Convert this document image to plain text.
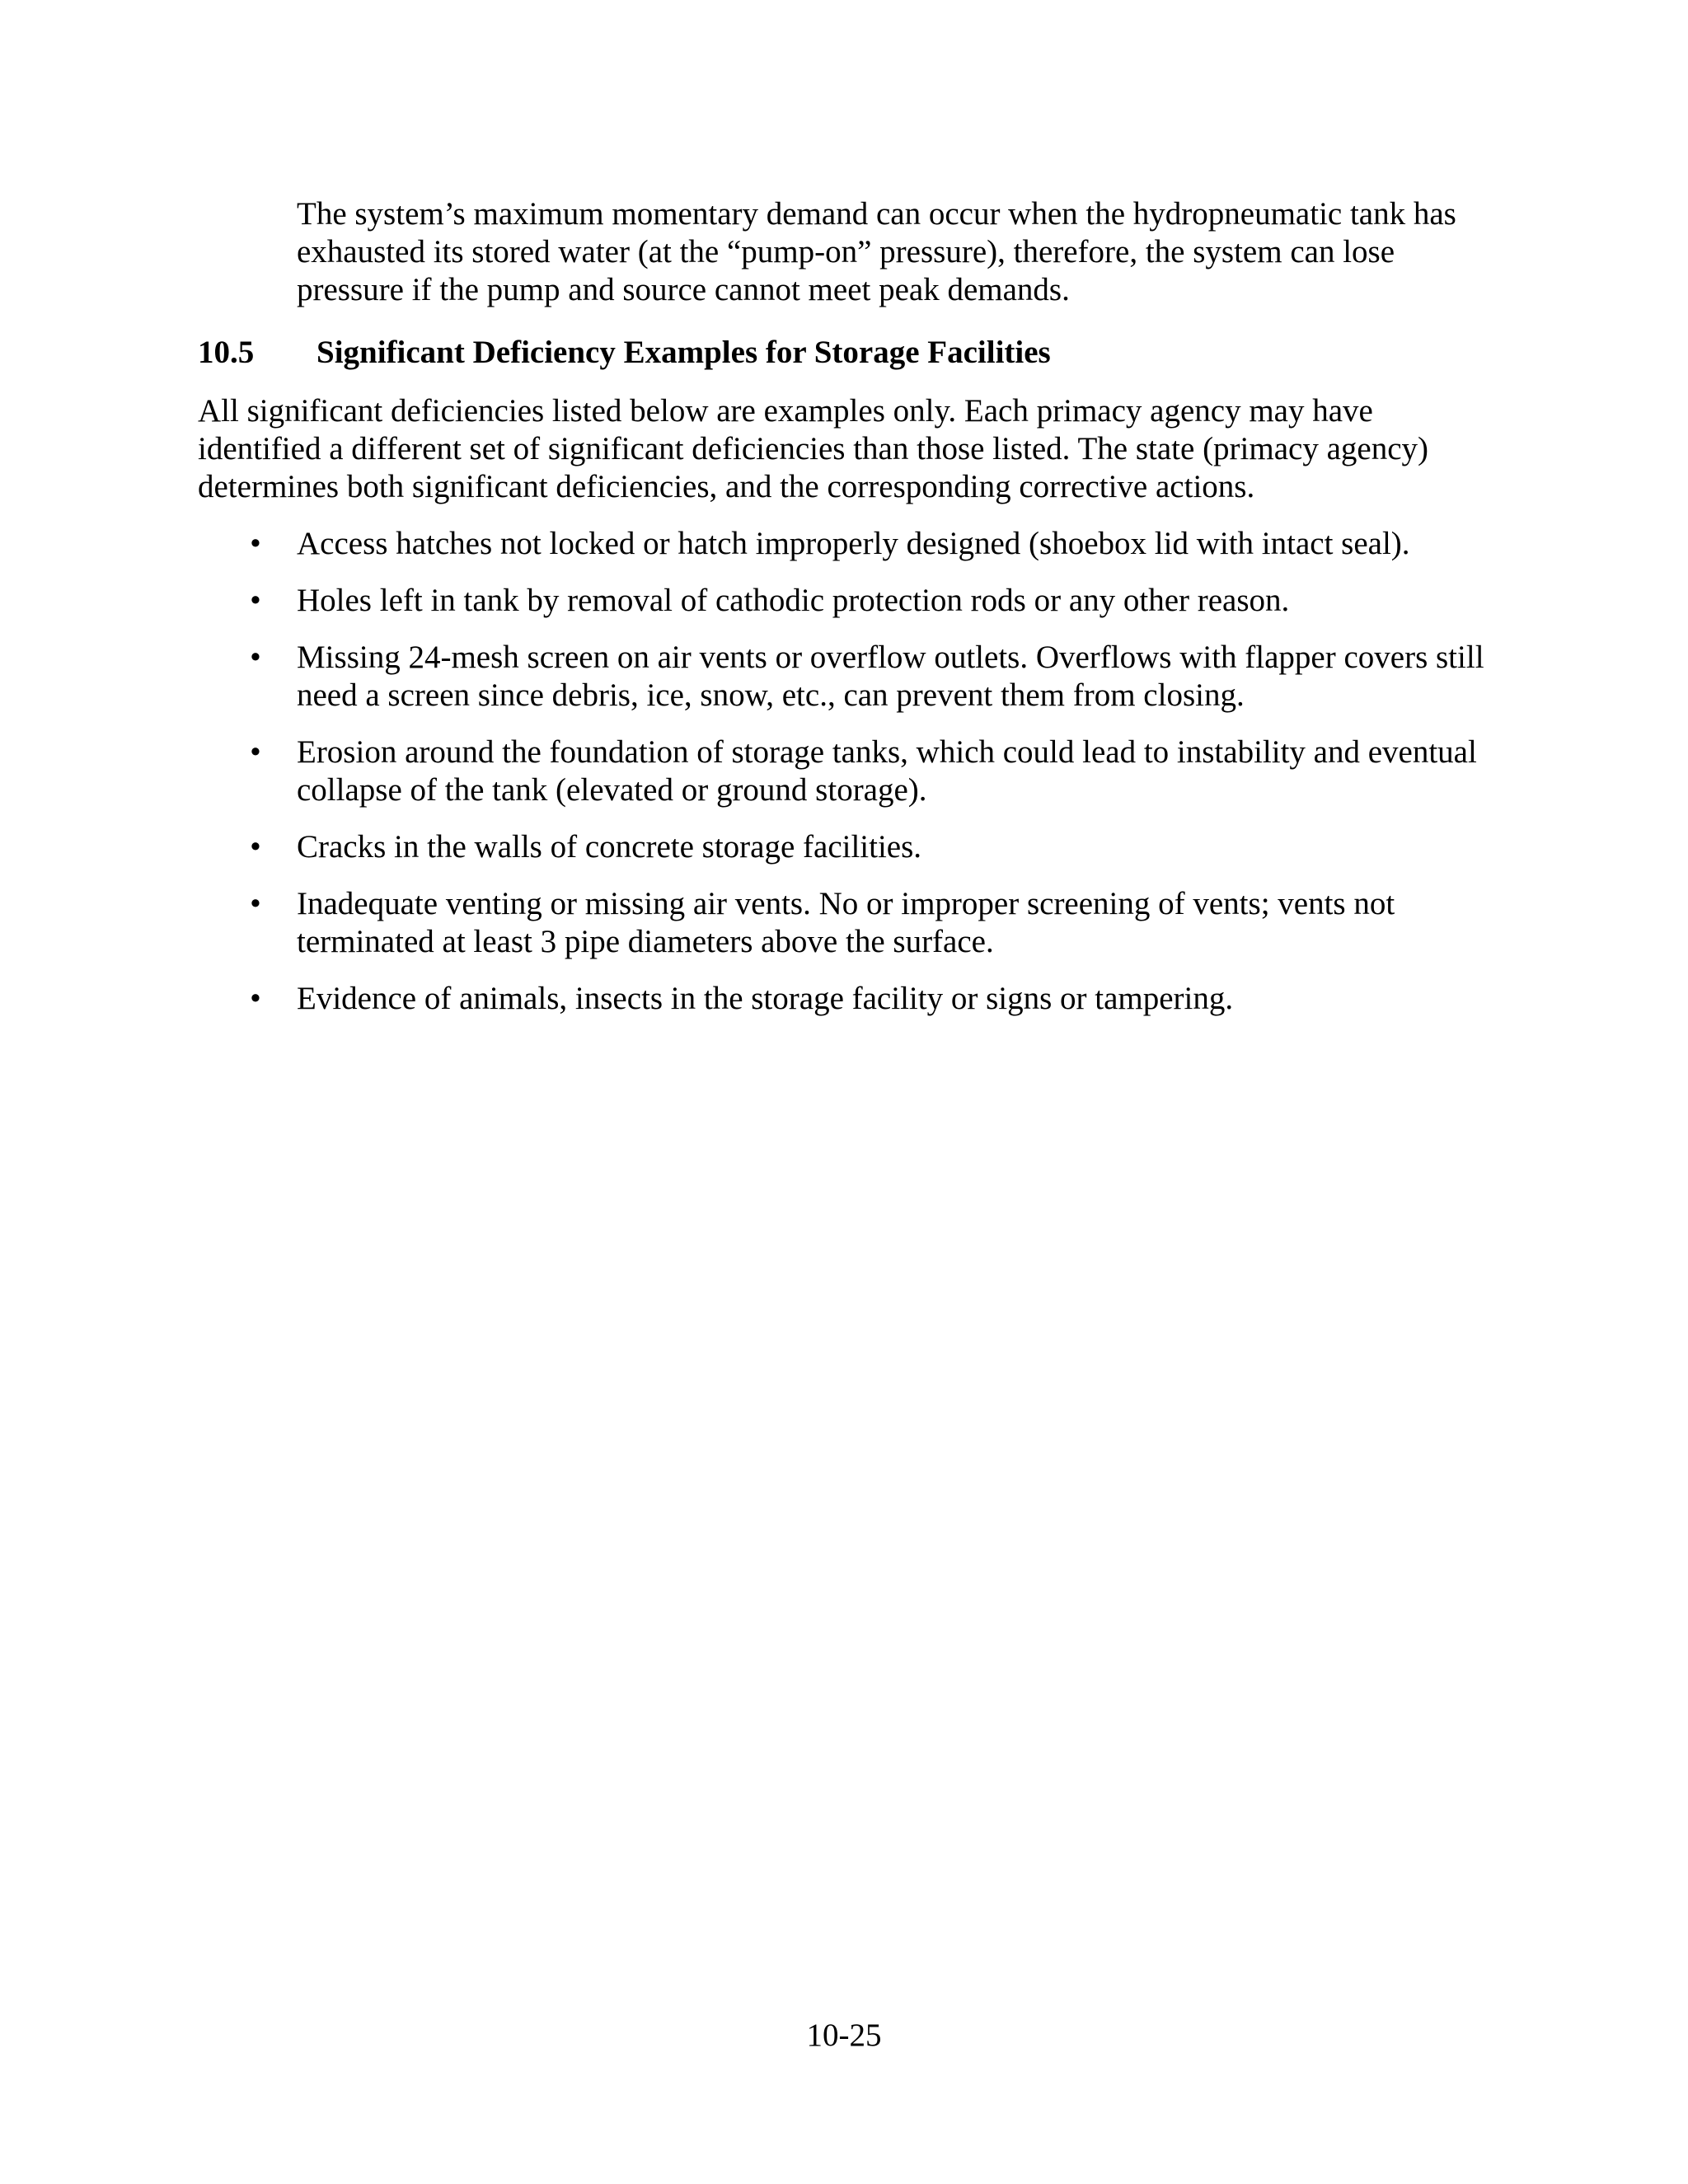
The system’s maximum momentary demand can occur when the hydropneumatic tank has exhausted its stored water (at the “pump-on” pressure), therefore, the system can lose pressure if the pump and source cannot meet peak demands.

10.5 Significant Deficiency Examples for Storage Facilities

All significant deficiencies listed below are examples only. Each primacy agency may have identified a different set of significant deficiencies than those listed. The state (primacy agency) determines both significant deficiencies, and the corresponding corrective actions.

• Access hatches not locked or hatch improperly designed (shoebox lid with intact seal).
• Holes left in tank by removal of cathodic protection rods or any other reason.
• Missing 24-mesh screen on air vents or overflow outlets. Overflows with flapper covers still need a screen since debris, ice, snow, etc., can prevent them from closing.
• Erosion around the foundation of storage tanks, which could lead to instability and eventual collapse of the tank (elevated or ground storage).
• Cracks in the walls of concrete storage facilities.
• Inadequate venting or missing air vents. No or improper screening of vents; vents not terminated at least 3 pipe diameters above the surface.
• Evidence of animals, insects in the storage facility or signs or tampering.

10-25
